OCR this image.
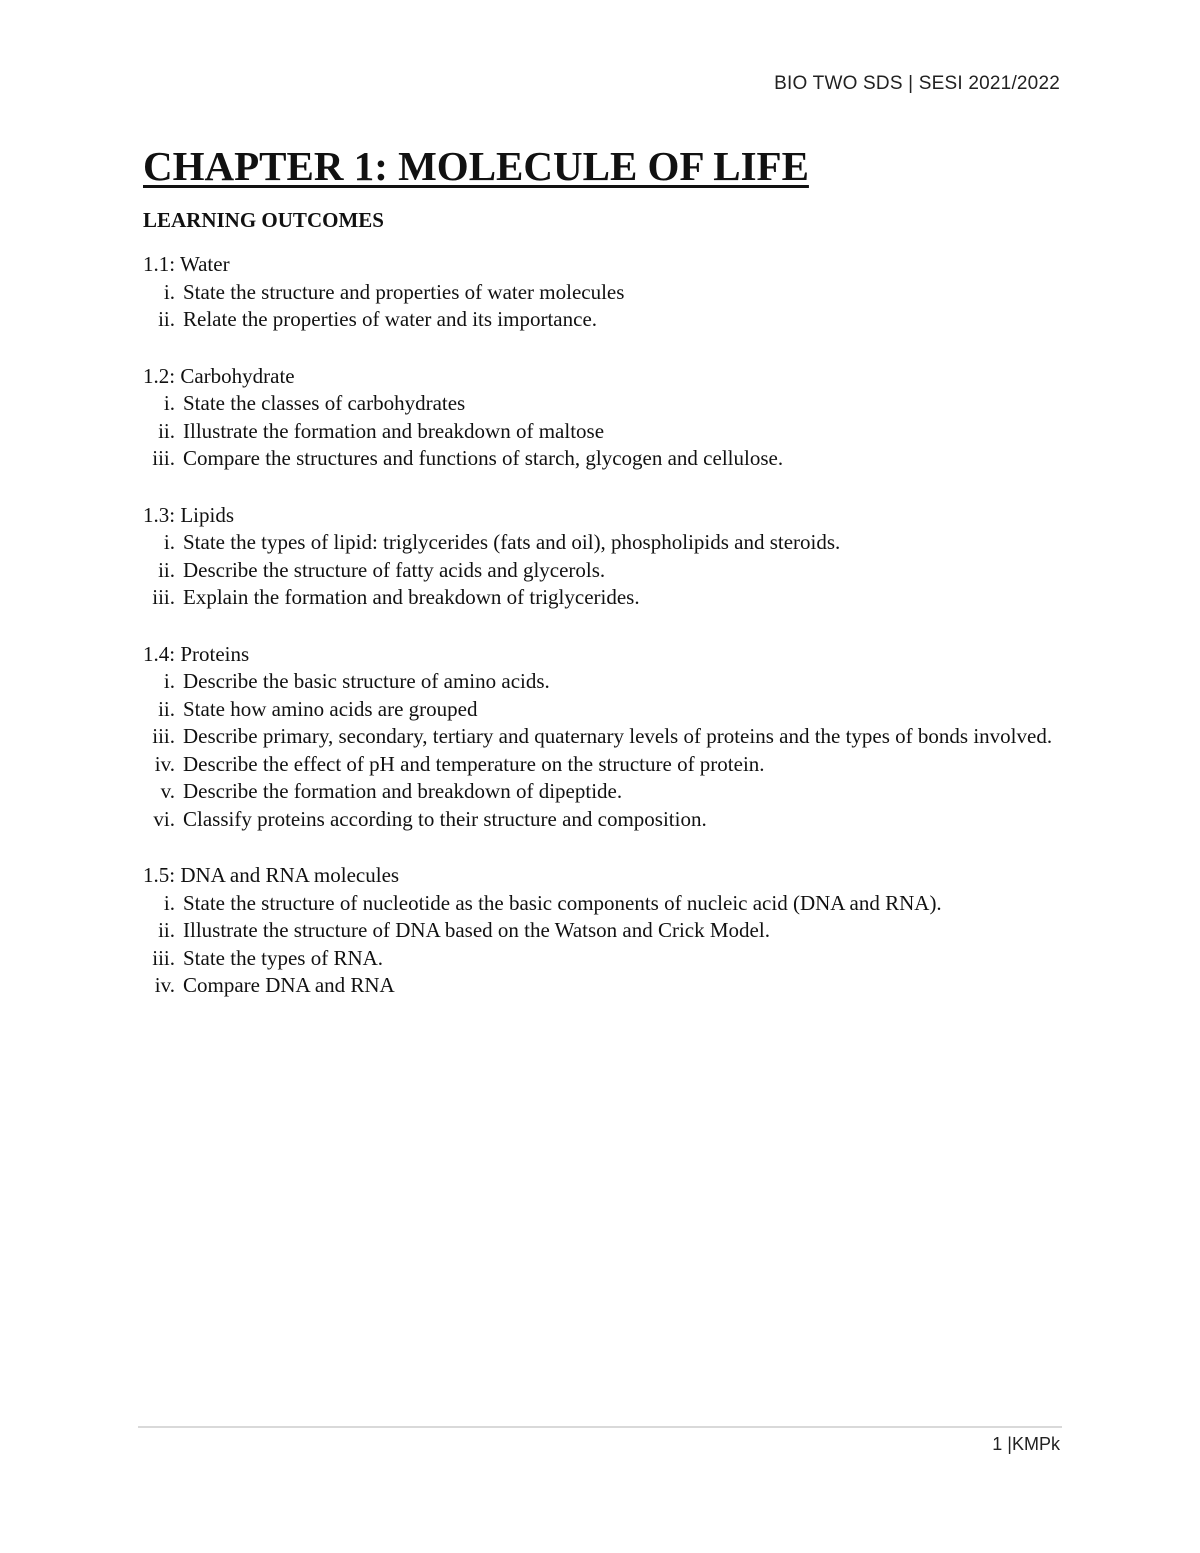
BIO TWO SDS | SESI 2021/2022
CHAPTER 1: MOLECULE OF LIFE
LEARNING OUTCOMES

1.1: Water

i. State the structure and properties of water molecules
ii. Relate the properties of water and its importance.

1.2: Carbohydrate

i. State the classes of carbohydrates
ii. Illustrate the formation and breakdown of maltose
iii. Compare the structures and functions of starch, glycogen and cellulose.

1.3: Lipids

i. State the types of lipid: triglycerides (fats and oil), phospholipids and steroids.
ii. Describe the structure of fatty acids and glycerols.
iii. Explain the formation and breakdown of triglycerides.

1.4: Proteins

i. Describe the basic structure of amino acids.
ii. State how amino acids are grouped
iii. Describe primary, secondary, tertiary and quaternary levels of proteins and the types of bonds involved.
iv. Describe the effect of pH and temperature on the structure of protein.
v. Describe the formation and breakdown of dipeptide.
vi. Classify proteins according to their structure and composition.

1.5: DNA and RNA molecules

i. State the structure of nucleotide as the basic components of nucleic acid (DNA and RNA).
ii. Illustrate the structure of DNA based on the Watson and Crick Model.
iii. State the types of RNA.
iv. Compare DNA and RNA
1 |KMPk
